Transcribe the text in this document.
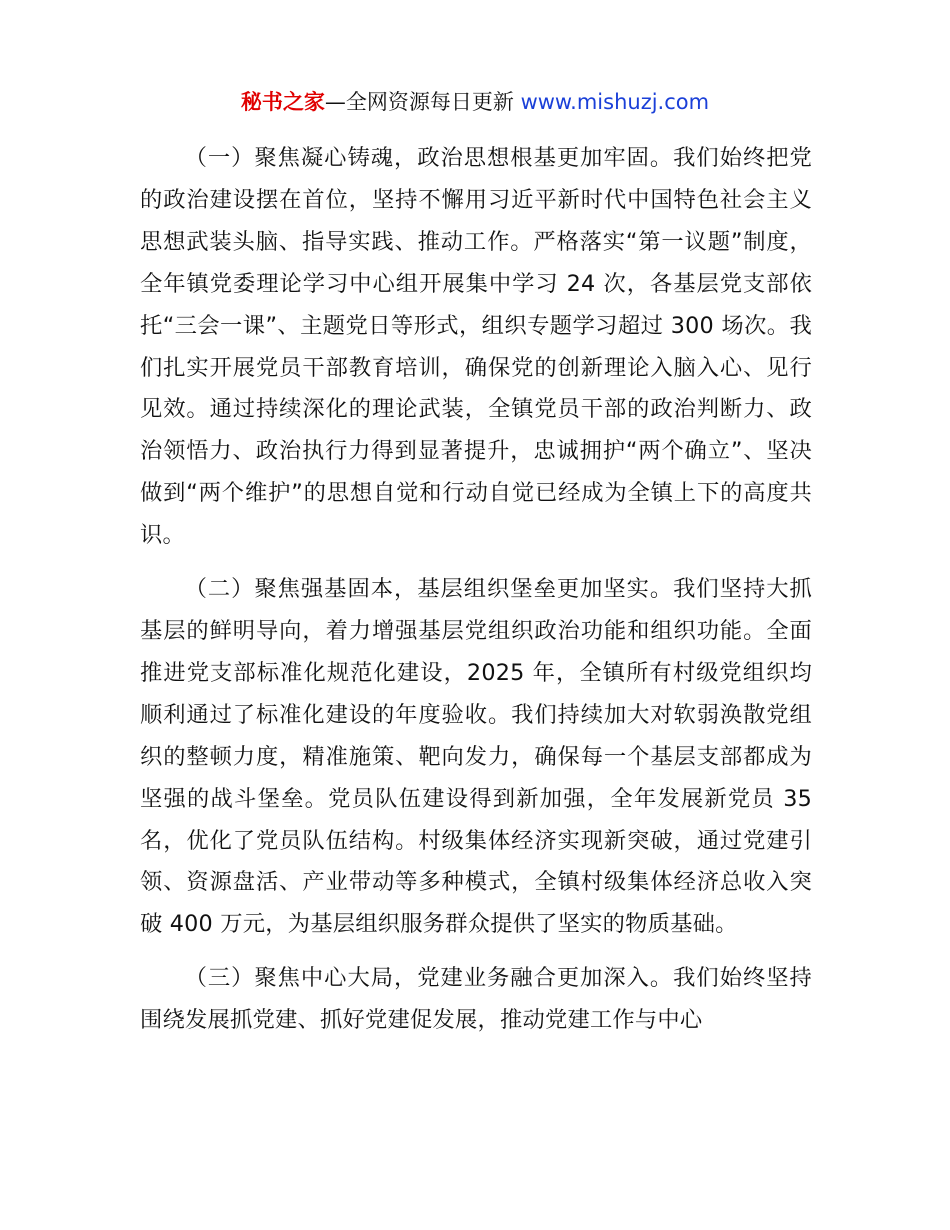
秘书之家—全网资源每日更新 www.mishuzj.com

（一）聚焦凝心铸魂，政治思想根基更加牢固。我们始终把党的政治建设摆在首位，坚持不懈用习近平新时代中国特色社会主义思想武装头脑、指导实践、推动工作。严格落实“第一议题”制度，全年镇党委理论学习中心组开展集中学习 24 次，各基层党支部依托“三会一课”、主题党日等形式，组织专题学习超过 300 场次。我们扎实开展党员干部教育培训，确保党的创新理论入脑入心、见行见效。通过持续深化的理论武装，全镇党员干部的政治判断力、政治领悟力、政治执行力得到显著提升，忠诚拥护“两个确立”、坚决做到“两个维护”的思想自觉和行动自觉已经成为全镇上下的高度共识。

（二）聚焦强基固本，基层组织堡垒更加坚实。我们坚持大抓基层的鲜明导向，着力增强基层党组织政治功能和组织功能。全面推进党支部标准化规范化建设，2025 年，全镇所有村级党组织均顺利通过了标准化建设的年度验收。我们持续加大对软弱涣散党组织的整顿力度，精准施策、靶向发力，确保每一个基层支部都成为坚强的战斗堡垒。党员队伍建设得到新加强，全年发展新党员 35 名，优化了党员队伍结构。村级集体经济实现新突破，通过党建引领、资源盘活、产业带动等多种模式，全镇村级集体经济总收入突破 400 万元，为基层组织服务群众提供了坚实的物质基础。

（三）聚焦中心大局，党建业务融合更加深入。我们始终坚持围绕发展抓党建、抓好党建促发展，推动党建工作与中心
